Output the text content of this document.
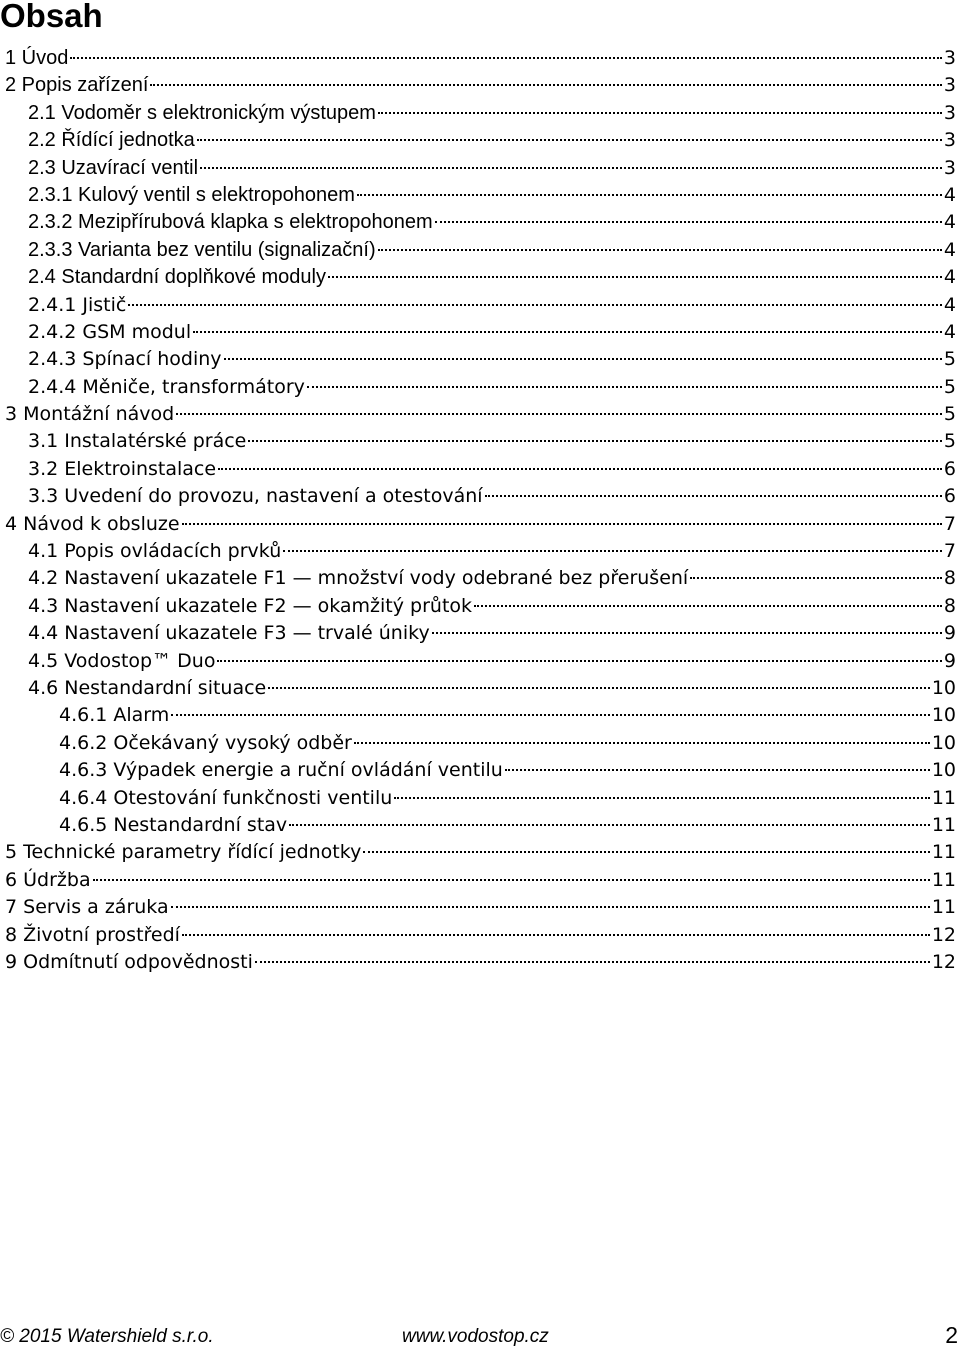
Obsah
1 Úvod	3
2 Popis zařízení	3
2.1 Vodoměr s elektronickým výstupem	3
2.2 Řídící jednotka	3
2.3 Uzavírací ventil	3
2.3.1 Kulový ventil s elektropohonem	4
2.3.2 Mezipřírubová klapka s elektropohonem	4
2.3.3 Varianta bez ventilu (signalizační)	4
2.4 Standardní doplňkové moduly	4
2.4.1 Jistič	4
2.4.2 GSM modul	4
2.4.3 Spínací hodiny	5
2.4.4 Měniče, transformátory	5
3 Montážní návod	5
3.1 Instalatérské práce	5
3.2 Elektroinstalace	6
3.3 Uvedení do provozu, nastavení a otestování	6
4 Návod k obsluze	7
4.1 Popis ovládacích prvků	7
4.2 Nastavení ukazatele F1 — množství vody odebrané bez přerušení	8
4.3 Nastavení ukazatele F2 — okamžitý průtok	8
4.4 Nastavení ukazatele F3 — trvalé úniky	9
4.5 Vodostop™ Duo	9
4.6 Nestandardní situace	10
4.6.1 Alarm	10
4.6.2 Očekávaný vysoký odběr	10
4.6.3 Výpadek energie a ruční ovládání ventilu	10
4.6.4 Otestování funkčnosti ventilu	11
4.6.5 Nestandardní stav	11
5 Technické parametry řídící jednotky	11
6 Údržba	11
7 Servis a záruka	11
8 Životní prostředí	12
9 Odmítnutí odpovědnosti	12
© 2015 Watershield s.r.o.	www.vodostop.cz	2
